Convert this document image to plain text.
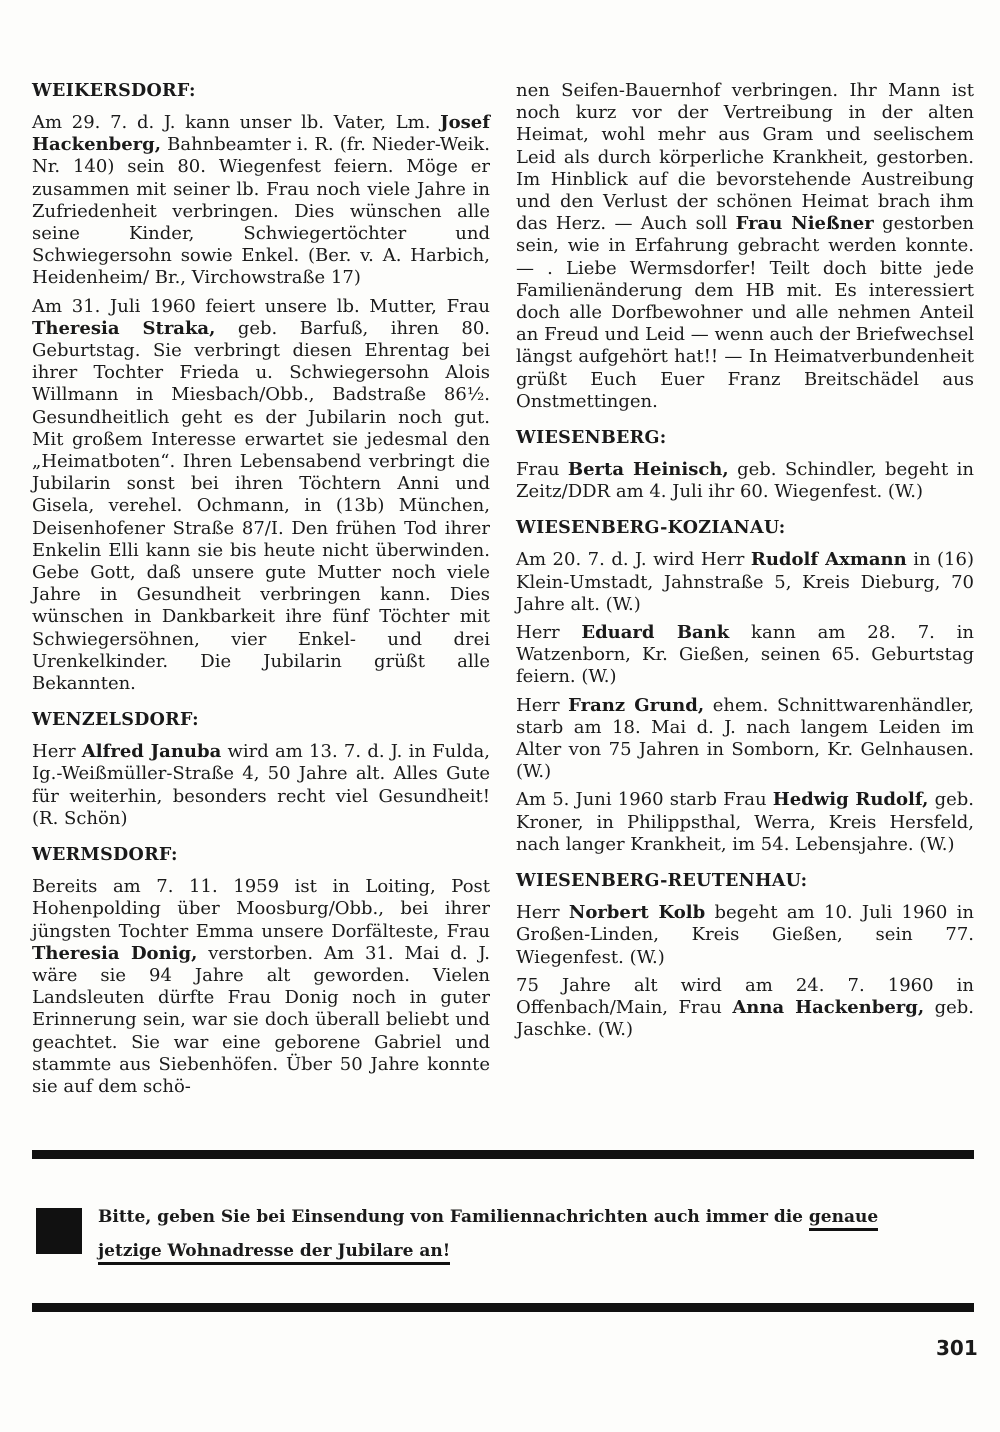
WEIKERSDORF:

Am 29. 7. d. J. kann unser lb. Vater, Lm. Josef Hackenberg, Bahnbeamter i. R. (fr. Nieder-Weik. Nr. 140) sein 80. Wiegenfest feiern. Möge er zusammen mit seiner lb. Frau noch viele Jahre in Zufriedenheit verbringen. Dies wünschen alle seine Kinder, Schwiegertöchter und Schwiegersohn sowie Enkel. (Ber. v. A. Harbich, Heidenheim/ Br., Virchowstraße 17)

Am 31. Juli 1960 feiert unsere lb. Mutter, Frau Theresia Straka, geb. Barfuß, ihren 80. Geburtstag. Sie verbringt diesen Ehrentag bei ihrer Tochter Frieda u. Schwiegersohn Alois Willmann in Miesbach/Obb., Badstraße 86½. Gesundheitlich geht es der Jubilarin noch gut. Mit großem Interesse erwartet sie jedesmal den „Heimatboten“. Ihren Lebensabend verbringt die Jubilarin sonst bei ihren Töchtern Anni und Gisela, verehel. Ochmann, in (13b) München, Deisenhofener Straße 87/I. Den frühen Tod ihrer Enkelin Elli kann sie bis heute nicht überwinden. Gebe Gott, daß unsere gute Mutter noch viele Jahre in Gesundheit verbringen kann. Dies wünschen in Dankbarkeit ihre fünf Töchter mit Schwiegersöhnen, vier Enkel- und drei Urenkelkinder. Die Jubilarin grüßt alle Bekannten.

WENZELSDORF:

Herr Alfred Januba wird am 13. 7. d. J. in Fulda, Ig.-Weißmüller-Straße 4, 50 Jahre alt. Alles Gute für weiterhin, besonders recht viel Gesundheit! (R. Schön)

WERMSDORF:

Bereits am 7. 11. 1959 ist in Loiting, Post Hohenpolding über Moosburg/Obb., bei ihrer jüngsten Tochter Emma unsere Dorfälteste, Frau Theresia Donig, verstorben. Am 31. Mai d. J. wäre sie 94 Jahre alt geworden. Vielen Landsleuten dürfte Frau Donig noch in guter Erinnerung sein, war sie doch überall beliebt und geachtet. Sie war eine geborene Gabriel und stammte aus Siebenhöfen. Über 50 Jahre konnte sie auf dem schö-

nen Seifen-Bauernhof verbringen. Ihr Mann ist noch kurz vor der Vertreibung in der alten Heimat, wohl mehr aus Gram und seelischem Leid als durch körperliche Krankheit, gestorben. Im Hinblick auf die bevorstehende Austreibung und den Verlust der schönen Heimat brach ihm das Herz. — Auch soll Frau Nießner gestorben sein, wie in Erfahrung gebracht werden konnte. — . Liebe Wermsdorfer! Teilt doch bitte jede Familienänderung dem HB mit. Es interessiert doch alle Dorfbewohner und alle nehmen Anteil an Freud und Leid — wenn auch der Briefwechsel längst aufgehört hat!! — In Heimatverbundenheit grüßt Euch Euer Franz Breitschädel aus Onstmettingen.

WIESENBERG:

Frau Berta Heinisch, geb. Schindler, begeht in Zeitz/DDR am 4. Juli ihr 60. Wiegenfest. (W.)

WIESENBERG-KOZIANAU:

Am 20. 7. d. J. wird Herr Rudolf Axmann in (16) Klein-Umstadt, Jahnstraße 5, Kreis Dieburg, 70 Jahre alt. (W.)

Herr Eduard Bank kann am 28. 7. in Watzenborn, Kr. Gießen, seinen 65. Geburtstag feiern. (W.)

Herr Franz Grund, ehem. Schnittwarenhändler, starb am 18. Mai d. J. nach langem Leiden im Alter von 75 Jahren in Somborn, Kr. Gelnhausen. (W.)

Am 5. Juni 1960 starb Frau Hedwig Rudolf, geb. Kroner, in Philippsthal, Werra, Kreis Hersfeld, nach langer Krankheit, im 54. Lebensjahre. (W.)

WIESENBERG-REUTENHAU:

Herr Norbert Kolb begeht am 10. Juli 1960 in Großen-Linden, Kreis Gießen, sein 77. Wiegenfest. (W.)

75 Jahre alt wird am 24. 7. 1960 in Offenbach/Main, Frau Anna Hackenberg, geb. Jaschke. (W.)

Bitte, geben Sie bei Einsendung von Familiennachrichten auch immer die genaue
jetzige Wohnadresse der Jubilare an!
301
